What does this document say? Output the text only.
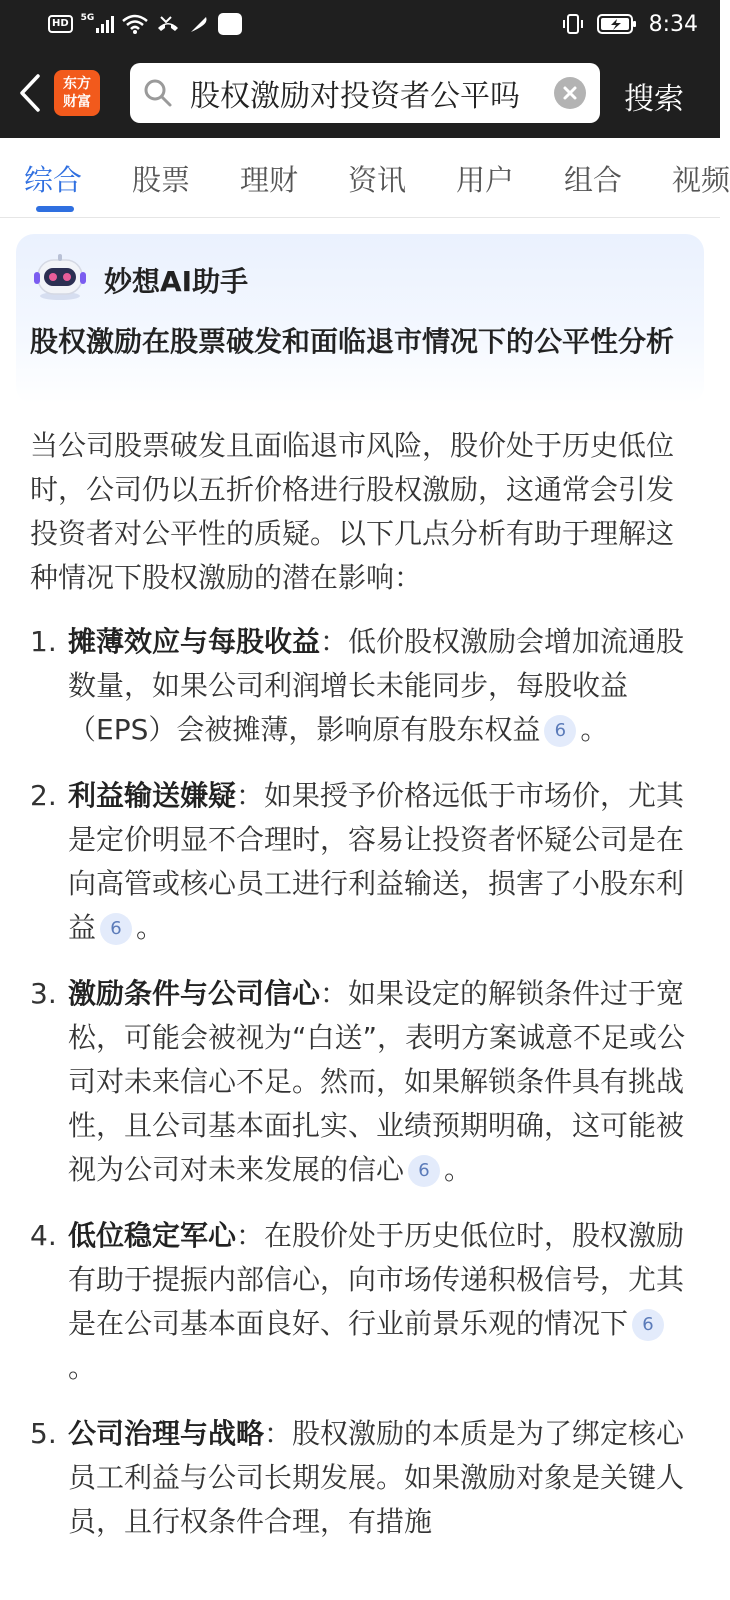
HD	5G	8:34
东方
财富	股权激励对投资者公平吗	搜索
综合 股票 理财 资讯 用户 组合 视频
妙想AI助手
股权激励在股票破发和面临退市情况下的公平性分析
当公司股票破发且面临退市风险，股价处于历史低位时，公司仍以五折价格进行股权激励，这通常会引发投资者对公平性的质疑。以下几点分析有助于理解这种情况下股权激励的潜在影响：
1. 摊薄效应与每股收益：低价股权激励会增加流通股数量，如果公司利润增长未能同步，每股收益（EPS）会被摊薄，影响原有股东权益 6 。
2. 利益输送嫌疑：如果授予价格远低于市场价，尤其是定价明显不合理时，容易让投资者怀疑公司是在向高管或核心员工进行利益输送，损害了小股东利益 6 。
3. 激励条件与公司信心：如果设定的解锁条件过于宽松，可能会被视为“白送”，表明方案诚意不足或公司对未来信心不足。然而，如果解锁条件具有挑战性，且公司基本面扎实、业绩预期明确，这可能被视为公司对未来发展的信心 6 。
4. 低位稳定军心：在股价处于历史低位时，股权激励有助于提振内部信心，向市场传递积极信号，尤其是在公司基本面良好、行业前景乐观的情况下 6。
5. 公司治理与战略：股权激励的本质是为了绑定核心员工利益与公司长期发展。如果激励对象是关键人员，且行权条件合理，有措施
